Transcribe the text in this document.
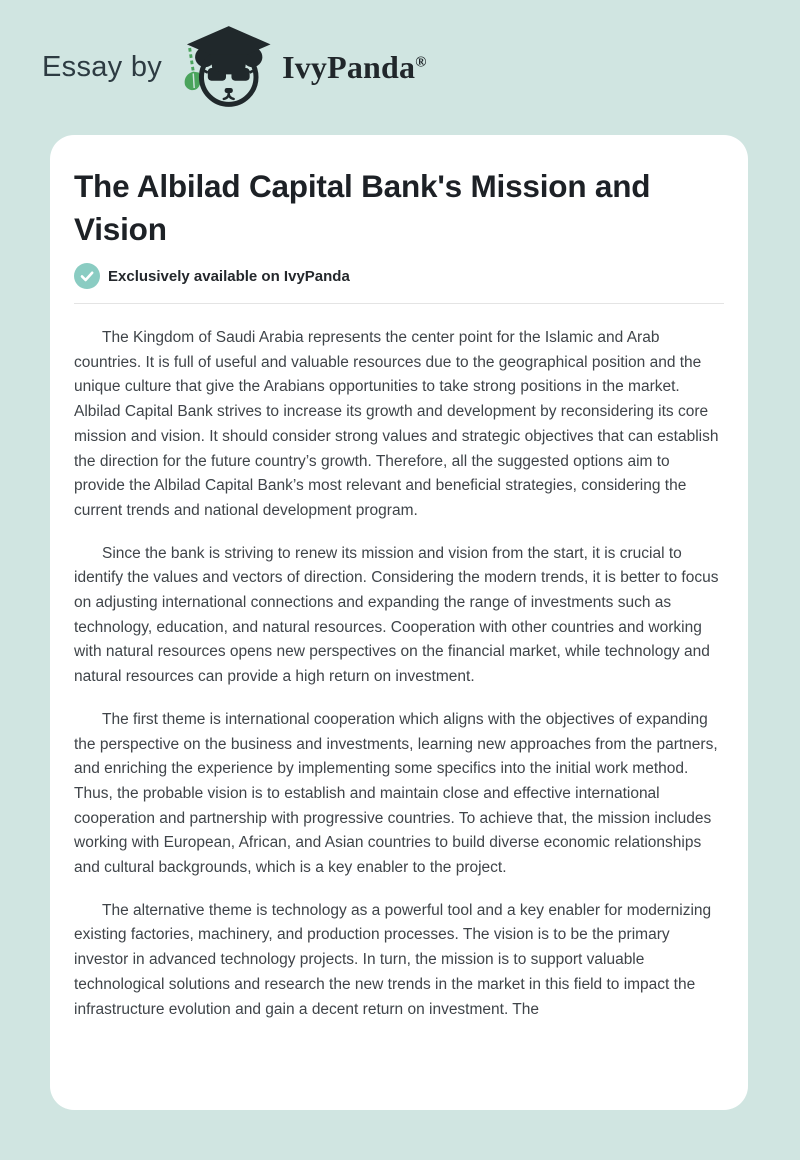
Essay by	IvyPanda®
The Albilad Capital Bank's Mission and Vision
Exclusively available on IvyPanda

The Kingdom of Saudi Arabia represents the center point for the Islamic and Arab countries. It is full of useful and valuable resources due to the geographical position and the unique culture that give the Arabians opportunities to take strong positions in the market. Albilad Capital Bank strives to increase its growth and development by reconsidering its core mission and vision. It should consider strong values and strategic objectives that can establish the direction for the future country’s growth. Therefore, all the suggested options aim to provide the Albilad Capital Bank’s most relevant and beneficial strategies, considering the current trends and national development program.

Since the bank is striving to renew its mission and vision from the start, it is crucial to identify the values and vectors of direction. Considering the modern trends, it is better to focus on adjusting international connections and expanding the range of investments such as technology, education, and natural resources. Cooperation with other countries and working with natural resources opens new perspectives on the financial market, while technology and natural resources can provide a high return on investment.

The first theme is international cooperation which aligns with the objectives of expanding the perspective on the business and investments, learning new approaches from the partners, and enriching the experience by implementing some specifics into the initial work method. Thus, the probable vision is to establish and maintain close and effective international cooperation and partnership with progressive countries. To achieve that, the mission includes working with European, African, and Asian countries to build diverse economic relationships and cultural backgrounds, which is a key enabler to the project.

The alternative theme is technology as a powerful tool and a key enabler for modernizing existing factories, machinery, and production processes. The vision is to be the primary investor in advanced technology projects. In turn, the mission is to support valuable technological solutions and research the new trends in the market in this field to impact the infrastructure evolution and gain a decent return on investment. The
